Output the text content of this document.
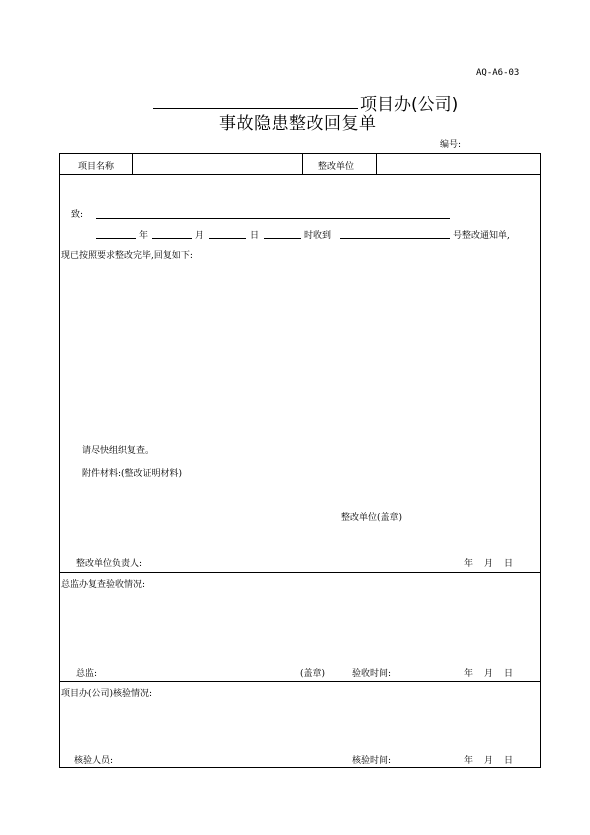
AQ-A6-03
项目办(公司)
事故隐患整改回复单
编号:
项目名称	整改单位
致:
年	月	日	时收到	号整改通知单,
现已按照要求整改完毕,回复如下:
请尽快组织复查。
附件材料:(整改证明材料)
整改单位(盖章)
整改单位负责人:	年 月 日
总监办复查验收情况:
总监:	(盖章)	验收时间:	年 月 日
项目办(公司)核验情况:
核验人员:	核验时间:	年 月 日
